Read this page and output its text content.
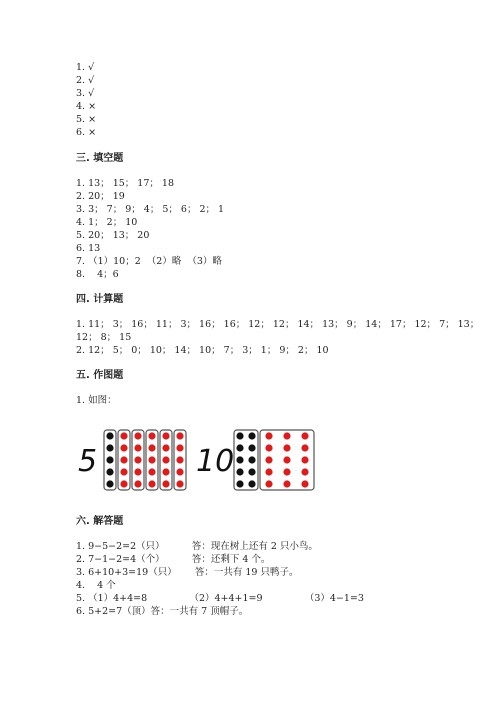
1. √
2. √
3. √
4. ×
5. ×
6. ×
三. 填空题
1. 13； 15； 17； 18
2. 20； 19
3. 3； 7； 9； 4； 5； 6； 2； 1
4. 1； 2； 10
5. 20； 13； 20
6. 13
7. （1）10；2  （2）略  （3）略
8.    4；6
四. 计算题
1. 11； 3； 16； 11； 3； 16； 16； 12； 12； 14； 13； 9； 14； 17； 12； 7； 13；
12； 8； 15
2. 12； 5； 0； 10； 14； 10； 7； 3； 1； 9； 2； 10
五. 作图题
1. 如图：
5	10
六. 解答题
1. 9−5−2=2（只）         答：现在树上还有 2 只小鸟。
2. 7−1−2=4（个）         答：还剩下 4 个。
3. 6+10+3=19（只）      答：一共有 19 只鸭子。
4.    4 个
5. （1）4+4=8              （2）4+4+1=9              （3）4−1=3
6. 5+2=7（顶）答：一共有 7 顶帽子。
